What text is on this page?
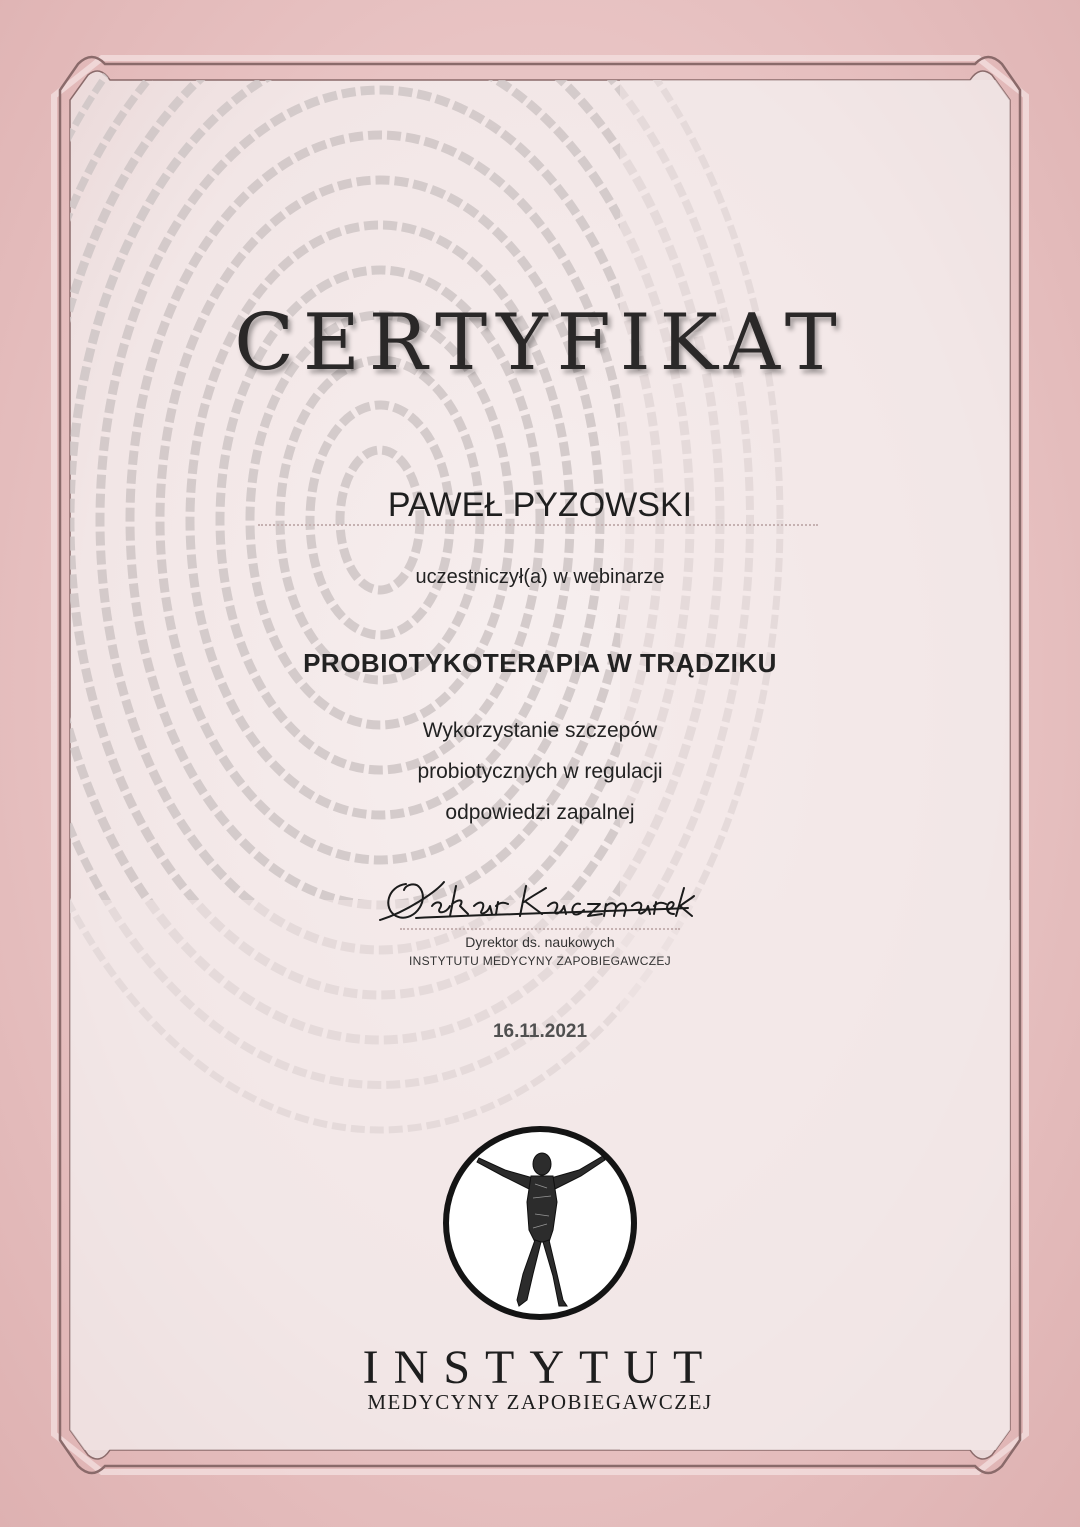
CERTYFIKAT
PAWEŁ PYZOWSKI
uczestniczył(a) w webinarze
PROBIOTYKOTERAPIA W TRĄDZIKU
Wykorzystanie szczepów
probiotycznych w regulacji
odpowiedzi zapalnej
Dyrektor ds. naukowych
INSTYTUTU MEDYCYNY ZAPOBIEGAWCZEJ
16.11.2021
INSTYTUT
MEDYCYNY ZAPOBIEGAWCZEJ
